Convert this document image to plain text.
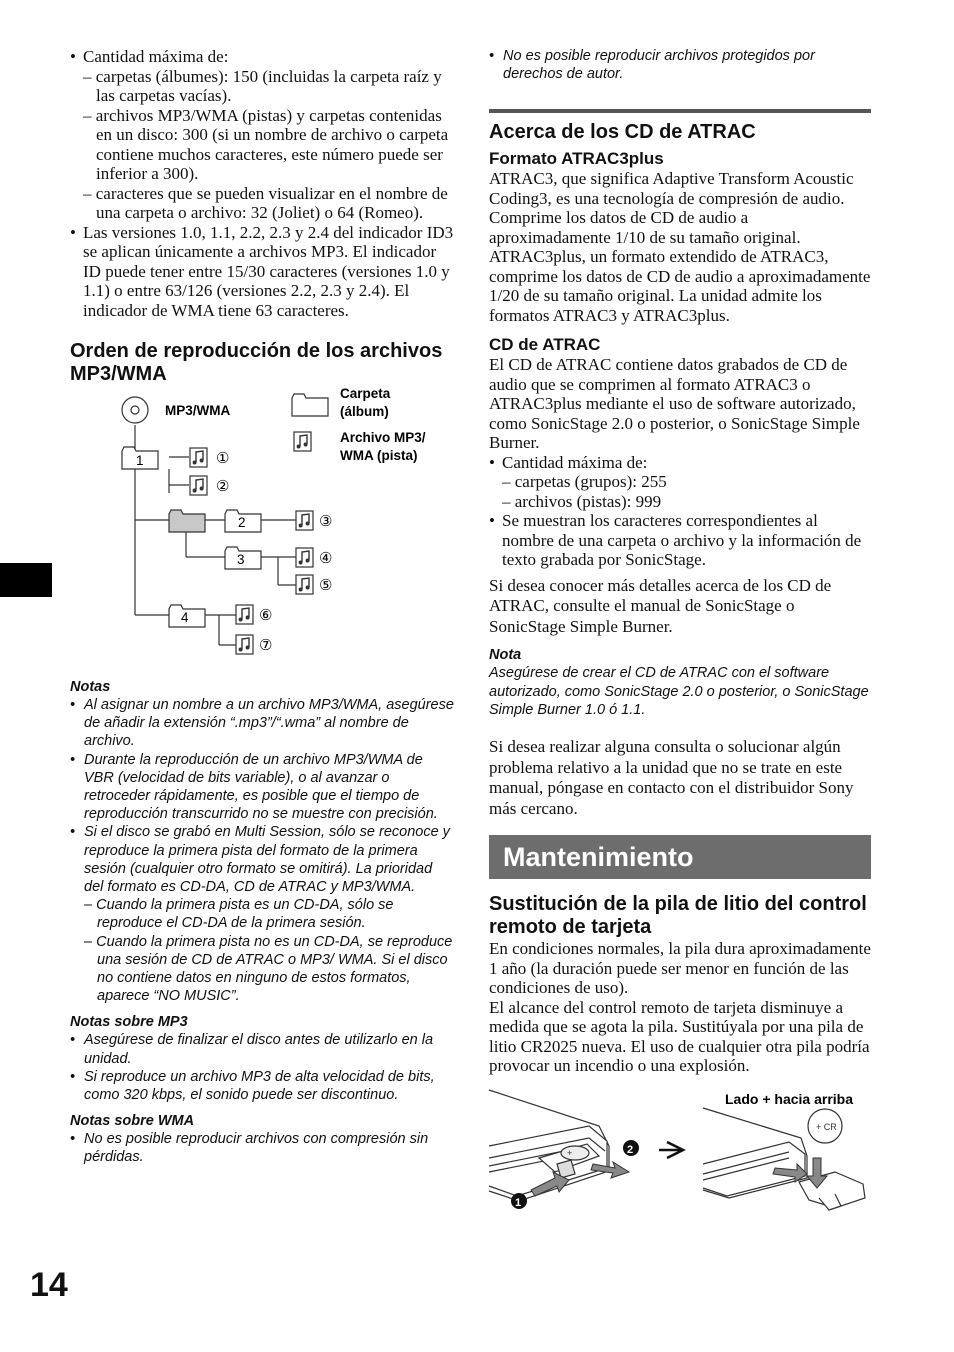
14

• Cantidad máxima de:

– carpetas (álbumes): 150 (incluidas la carpeta raíz y las carpetas vacías).

– archivos MP3/WMA (pistas) y carpetas contenidas en un disco: 300 (si un nombre de archivo o carpeta contiene muchos caracteres, este número puede ser inferior a 300).

– caracteres que se pueden visualizar en el nombre de una carpeta o archivo: 32 (Joliet) o 64 (Romeo).

• Las versiones 1.0, 1.1, 2.2, 2.3 y 2.4 del indicador ID3 se aplican únicamente a archivos MP3. El indicador ID puede tener entre 15/30 caracteres (versiones 1.0 y 1.1) o entre 63/126 (versiones 2.2, 2.3 y 2.4). El indicador de WMA tiene 63 caracteres.

Orden de reproducción de los archivos MP3/WMA
MP3/WMA
Carpeta
(álbum)
Archivo MP3/
WMA (pista)
1	①
②
2	③
3	④
⑤
4	⑥
⑦
Notas

• Al asignar un nombre a un archivo MP3/WMA, asegúrese de añadir la extensión “.mp3”/“.wma” al nombre de archivo.

• Durante la reproducción de un archivo MP3/WMA de VBR (velocidad de bits variable), o al avanzar o retroceder rápidamente, es posible que el tiempo de reproducción transcurrido no se muestre con precisión.

• Si el disco se grabó en Multi Session, sólo se reconoce y reproduce la primera pista del formato de la primera sesión (cualquier otro formato se omitirá). La prioridad del formato es CD-DA, CD de ATRAC y MP3/WMA.

– Cuando la primera pista es un CD-DA, sólo se reproduce el CD-DA de la primera sesión.

– Cuando la primera pista no es un CD-DA, se reproduce una sesión de CD de ATRAC o MP3/ WMA. Si el disco no contiene datos en ninguno de estos formatos, aparece “NO MUSIC”.

Notas sobre MP3

• Asegúrese de finalizar el disco antes de utilizarlo en la unidad.

• Si reproduce un archivo MP3 de alta velocidad de bits, como 320 kbps, el sonido puede ser discontinuo.

Notas sobre WMA

• No es posible reproducir archivos con compresión sin pérdidas.

• No es posible reproducir archivos protegidos por derechos de autor.

Acerca de los CD de ATRAC
Formato ATRAC3plus

ATRAC3, que significa Adaptive Transform Acoustic Coding3, es una tecnología de compresión de audio. Comprime los datos de CD de audio a aproximadamente 1/10 de su tamaño original. ATRAC3plus, un formato extendido de ATRAC3, comprime los datos de CD de audio a aproximadamente 1/20 de su tamaño original. La unidad admite los formatos ATRAC3 y ATRAC3plus.

CD de ATRAC

El CD de ATRAC contiene datos grabados de CD de audio que se comprimen al formato ATRAC3 o ATRAC3plus mediante el uso de software autorizado, como SonicStage 2.0 o posterior, o SonicStage Simple Burner.

• Cantidad máxima de:

– carpetas (grupos): 255

– archivos (pistas): 999

• Se muestran los caracteres correspondientes al nombre de una carpeta o archivo y la información de texto grabada por SonicStage.

Si desea conocer más detalles acerca de los CD de ATRAC, consulte el manual de SonicStage o SonicStage Simple Burner.

Nota

Asegúrese de crear el CD de ATRAC con el software autorizado, como SonicStage 2.0 o posterior, o SonicStage Simple Burner 1.0 ó 1.1.

Si desea realizar alguna consulta o solucionar algún problema relativo a la unidad que no se trate en este manual, póngase en contacto con el distribuidor Sony más cercano.

Mantenimiento
Sustitución de la pila de litio del control remoto de tarjeta

En condiciones normales, la pila dura aproximadamente 1 año (la duración puede ser menor en función de las condiciones de uso).

El alcance del control remoto de tarjeta disminuye a medida que se agota la pila. Sustitúyala por una pila de litio CR2025 nueva. El uso de cualquier otra pila podría provocar un incendio o una explosión.

Lado + hacia arriba
+
1
2
+ CR
